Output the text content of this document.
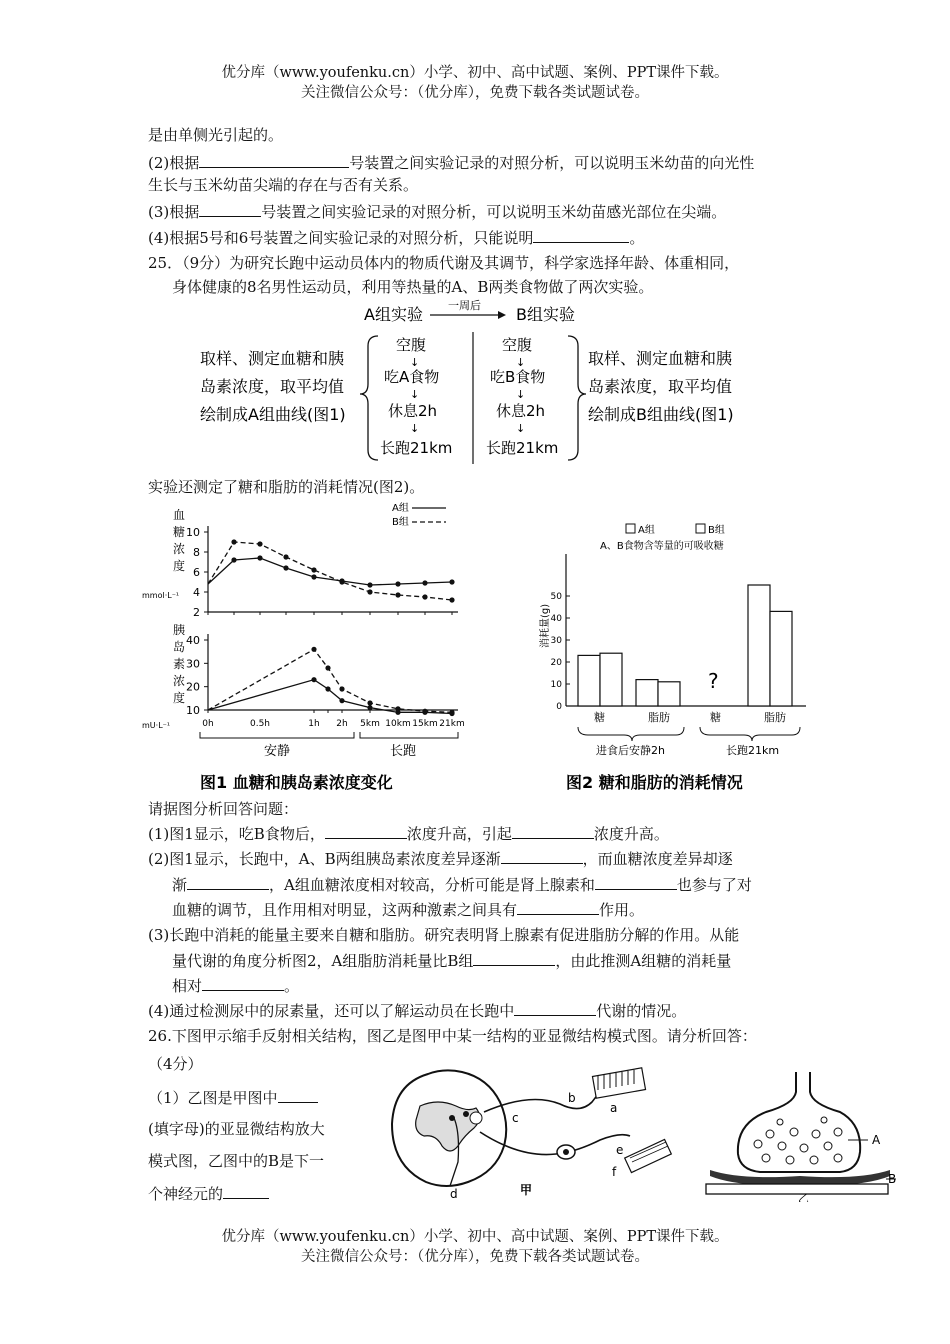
优分库（www.youfenku.cn）小学、初中、高中试题、案例、PPT课件下载。
关注微信公众号：（优分库），免费下载各类试题试卷。
是由单侧光引起的。
(2)根据	号装置之间实验记录的对照分析，可以说明玉米幼苗的向光性
生长与玉米幼苗尖端的存在与否有关系。
(3)根据	号装置之间实验记录的对照分析，可以说明玉米幼苗感光部位在尖端。
(4)根据5号和6号装置之间实验记录的对照分析，只能说明	。
25．（9分）为研究长跑中运动员体内的物质代谢及其调节，科学家选择年龄、体重相同，
身体健康的8名男性运动员，利用等热量的A、B两类食物做了两次实验。
A组实验 一周后 B组实验
取样、测定血糖和胰
岛素浓度，取平均值
绘制成A组曲线(图1)
空腹
↓
吃A食物
↓
休息2h
↓
长跑21km
空腹
↓
吃B食物
↓
休息2h
↓
长跑21km
取样、测定血糖和胰
岛素浓度，取平均值
绘制成B组曲线(图1)
实验还测定了糖和脂肪的消耗情况(图2)。
血
糖
浓
度
mmol·L⁻¹
A组
B组
2
4
6
8
10
胰
岛
素
浓
度
mU·L⁻¹
10
20
30
40
0h	0.5h	1h 2h 5km 10km 15km 21km
安静	长跑
图1 血糖和胰岛素浓度变化
A组	B组
A、B食物含等量的可吸收糖
消耗量(g)
0
10
20
30
40
50
?
糖	脂肪	糖	脂肪
进食后安静2h	长跑21km
图2 糖和脂肪的消耗情况
请据图分析回答问题：
(1)图1显示，吃B食物后，	浓度升高，引起	浓度升高。
(2)图1显示，长跑中，A、B两组胰岛素浓度差异逐渐	，而血糖浓度差异却逐
渐	，A组血糖浓度相对较高，分析可能是肾上腺素和	也参与了对
血糖的调节，且作用相对明显，这两种激素之间具有	作用。
(3)长跑中消耗的能量主要来自糖和脂肪。研究表明肾上腺素有促进脂肪分解的作用。从能
量代谢的角度分析图2，A组脂肪消耗量比B组	，由此推测A组糖的消耗量
相对	。
(4)通过检测尿中的尿素量，还可以了解运动员在长跑中	代谢的情况。
26.下图甲示缩手反射相关结构，图乙是图甲中某一结构的亚显微结构模式图。请分析回答：
（4分）
（1）乙图是甲图中
(填字母)的亚显微结构放大
模式图，乙图中的B是下一
个神经元的
a
b
c
d
e
f
甲
A
B
乙
优分库（www.youfenku.cn）小学、初中、高中试题、案例、PPT课件下载。
关注微信公众号：（优分库），免费下载各类试题试卷。
